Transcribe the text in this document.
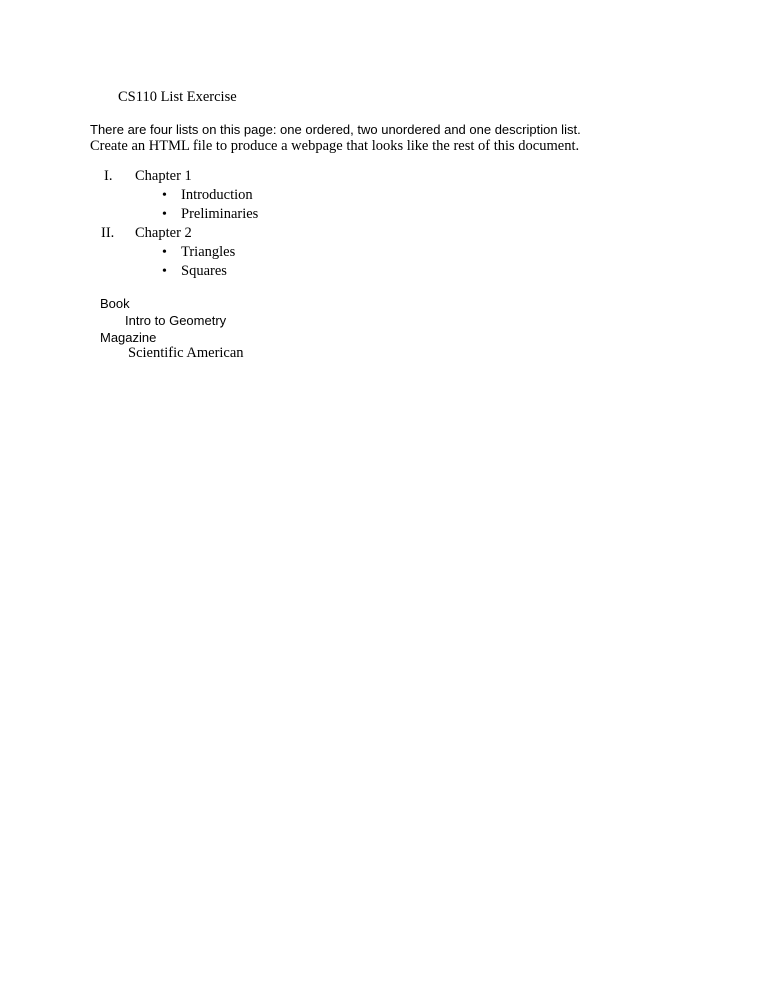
CS110 List Exercise
There are four lists on this page: one ordered, two unordered and one description list.
Create an HTML file to produce a webpage that looks like the rest of this document.
I. Chapter 1
• Introduction
• Preliminaries
II. Chapter 2
• Triangles
• Squares
Book
Intro to Geometry
Magazine
Scientific American
